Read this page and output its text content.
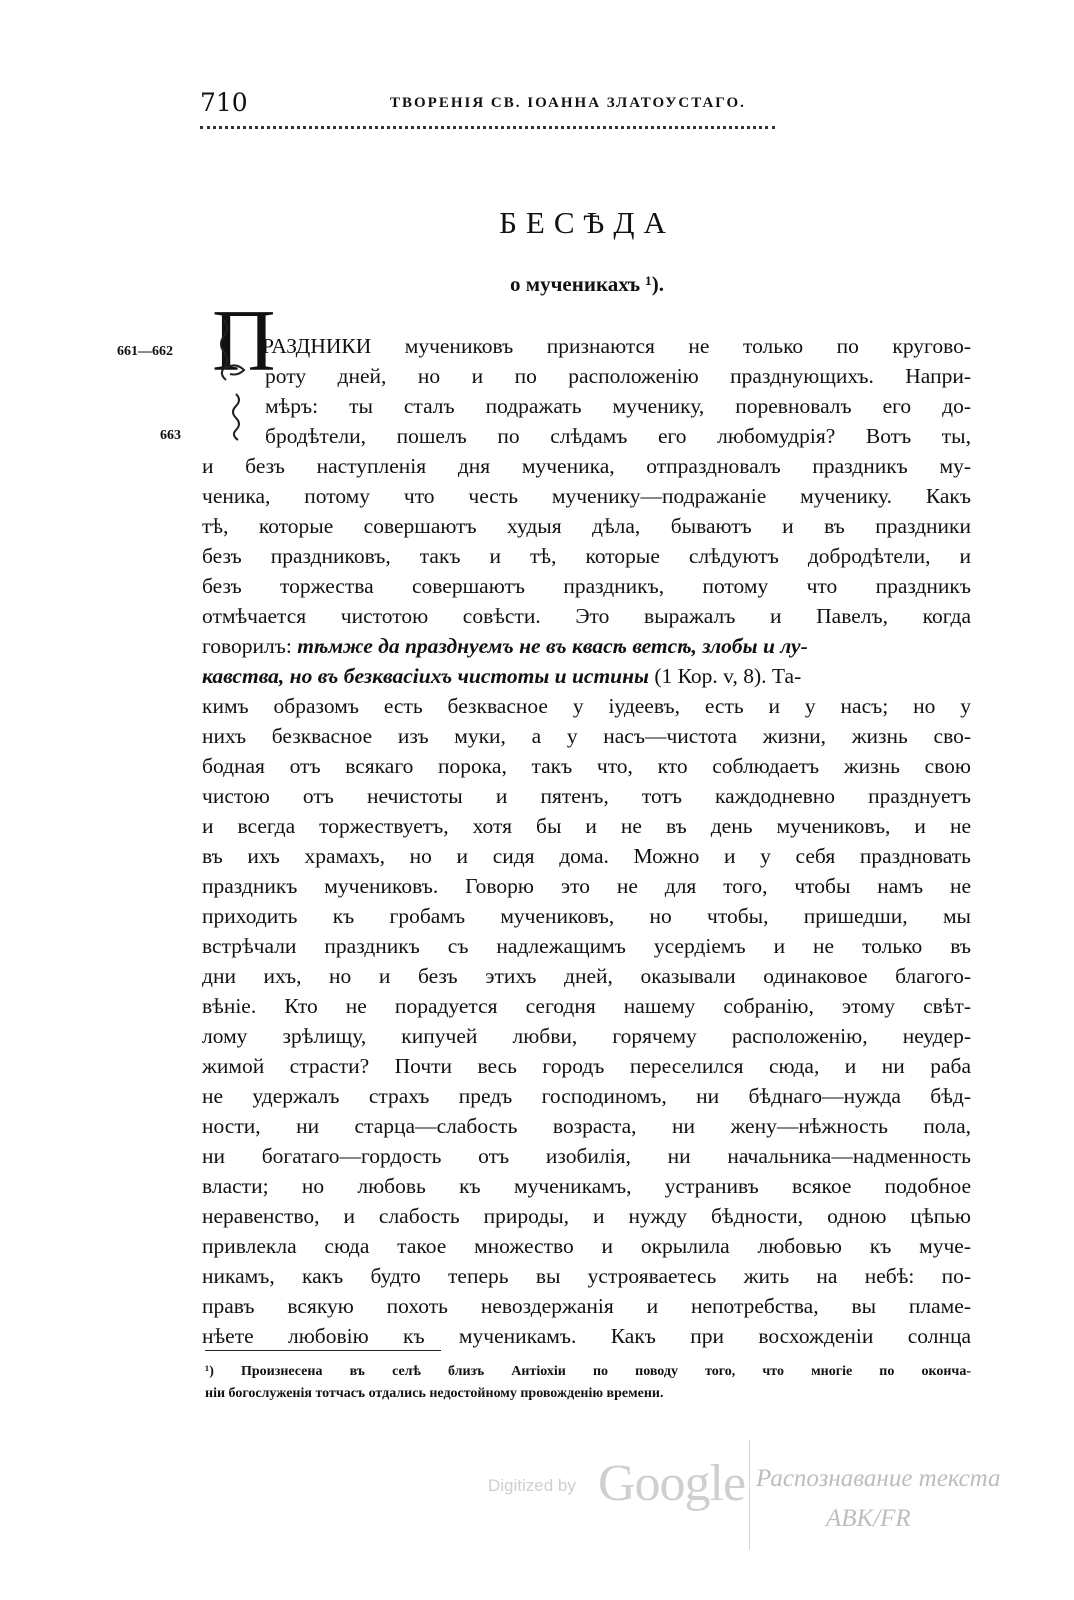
710	ТВОРЕНІЯ СВ. ІОАННА ЗЛАТОУСТАГО.
БЕСѢДА
о мученикахъ ¹).
661—662
663
П
РАЗДНИКИ мучениковъ признаются не только по кругово-
роту дней, но и по расположенію празднующихъ. Напри-
мѣръ: ты сталъ подражать мученику, поревновалъ его до-
бродѣтели, пошелъ по слѣдамъ его любомудрія? Вотъ ты,
и безъ наступленія дня мученика, отпраздновалъ праздникъ му-
ченика, потому что честь мученику—подражаніе мученику. Какъ
тѣ, которые совершаютъ худыя дѣла, бываютъ и въ праздники
безъ праздниковъ, такъ и тѣ, которые слѣдуютъ добродѣтели, и
безъ торжества совершаютъ праздникъ, потому что праздникъ
отмѣчается чистотою совѣсти. Это выражалъ и Павелъ, когда
говорилъ: тѣмже да празднуемъ не въ квасѣ ветсѣ, злобы и лу-
кавства, но въ безквасіихъ чистоты и истины (1 Кор. v, 8). Та-
кимъ образомъ есть безквасное у іудеевъ, есть и у насъ; но у
нихъ безквасное изъ муки, а у насъ—чистота жизни, жизнь сво-
бодная отъ всякаго порока, такъ что, кто соблюдаетъ жизнь свою
чистою отъ нечистоты и пятенъ, тотъ каждодневно празднуетъ
и всегда торжествуетъ, хотя бы и не въ день мучениковъ, и не
въ ихъ храмахъ, но и сидя дома. Можно и у себя праздновать
праздникъ мучениковъ. Говорю это не для того, чтобы намъ не
приходить къ гробамъ мучениковъ, но чтобы, пришедши, мы
встрѣчали праздникъ съ надлежащимъ усердіемъ и не только въ
дни ихъ, но и безъ этихъ дней, оказывали одинаковое благого-
вѣніе. Кто не порадуется сегодня нашему собранію, этому свѣт-
лому зрѣлищу, кипучей любви, горячему расположенію, неудер-
жимой страсти? Почти весь городъ переселился сюда, и ни раба
не удержалъ страхъ предъ господиномъ, ни бѣднаго—нужда бѣд-
ности, ни старца—слабость возраста, ни жену—нѣжность пола,
ни богатаго—гордость отъ изобилія, ни начальника—надменность
власти; но любовь къ мученикамъ, устранивъ всякое подобное
неравенство, и слабость природы, и нужду бѣдности, одною цѣпью
привлекла сюда такое множество и окрылила любовью къ муче-
никамъ, какъ будто теперь вы устрояваетесь жить на небѣ: по-
правъ всякую похоть невоздержанія и непотребства, вы пламе-
нѣете любовію къ мученикамъ. Какъ при восхожденіи солнца
¹) Произнесена въ селѣ близъ Антіохіи по поводу того, что многіе по оконча-
ніи богослуженія тотчасъ отдались недостойному провожденію времени.
Digitized by Google Распознавание текста
ABK/FR
